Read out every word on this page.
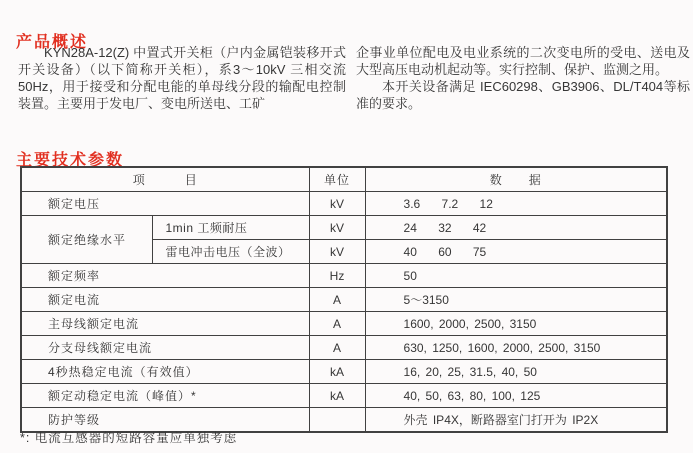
产品概述

KYN28A-12(Z) 中置式开关柜（户内金属铠装移开式开关设备）（以下简称开关柜），系3～10kV 三相交流50Hz，用于接受和分配电能的单母线分段的输配电控制装置。主要用于发电厂、变电所送电、工矿

企事业单位配电及电业系统的二次变电所的受电、送电及大型高压电动机起动等。实行控制、保护、监测之用。

本开关设备满足 IEC60298、GB3906、DL/T404等标准的要求。

主要技术参数
项　　　目		单位	数　　据
额定电压		kV	3.6    7.2    12
额定绝缘水平	1min 工频耐压	kV	24    32    42
	雷电冲击电压（全波）	kV	40    60    75
额定频率		Hz	50
额定电流		A	5～3150
主母线额定电流		A	1600, 2000, 2500, 3150
分支母线额定电流		A	630, 1250, 1600, 2000, 2500, 3150
4秒热稳定电流（有效值）		kA	16, 20, 25, 31.5, 40, 50
额定动稳定电流（峰值）*		kA	40, 50, 63, 80, 100, 125
防护等级			外壳 IP4X，断路器室门打开为 IP2X
*: 电流互感器的短路容量应单独考虑
